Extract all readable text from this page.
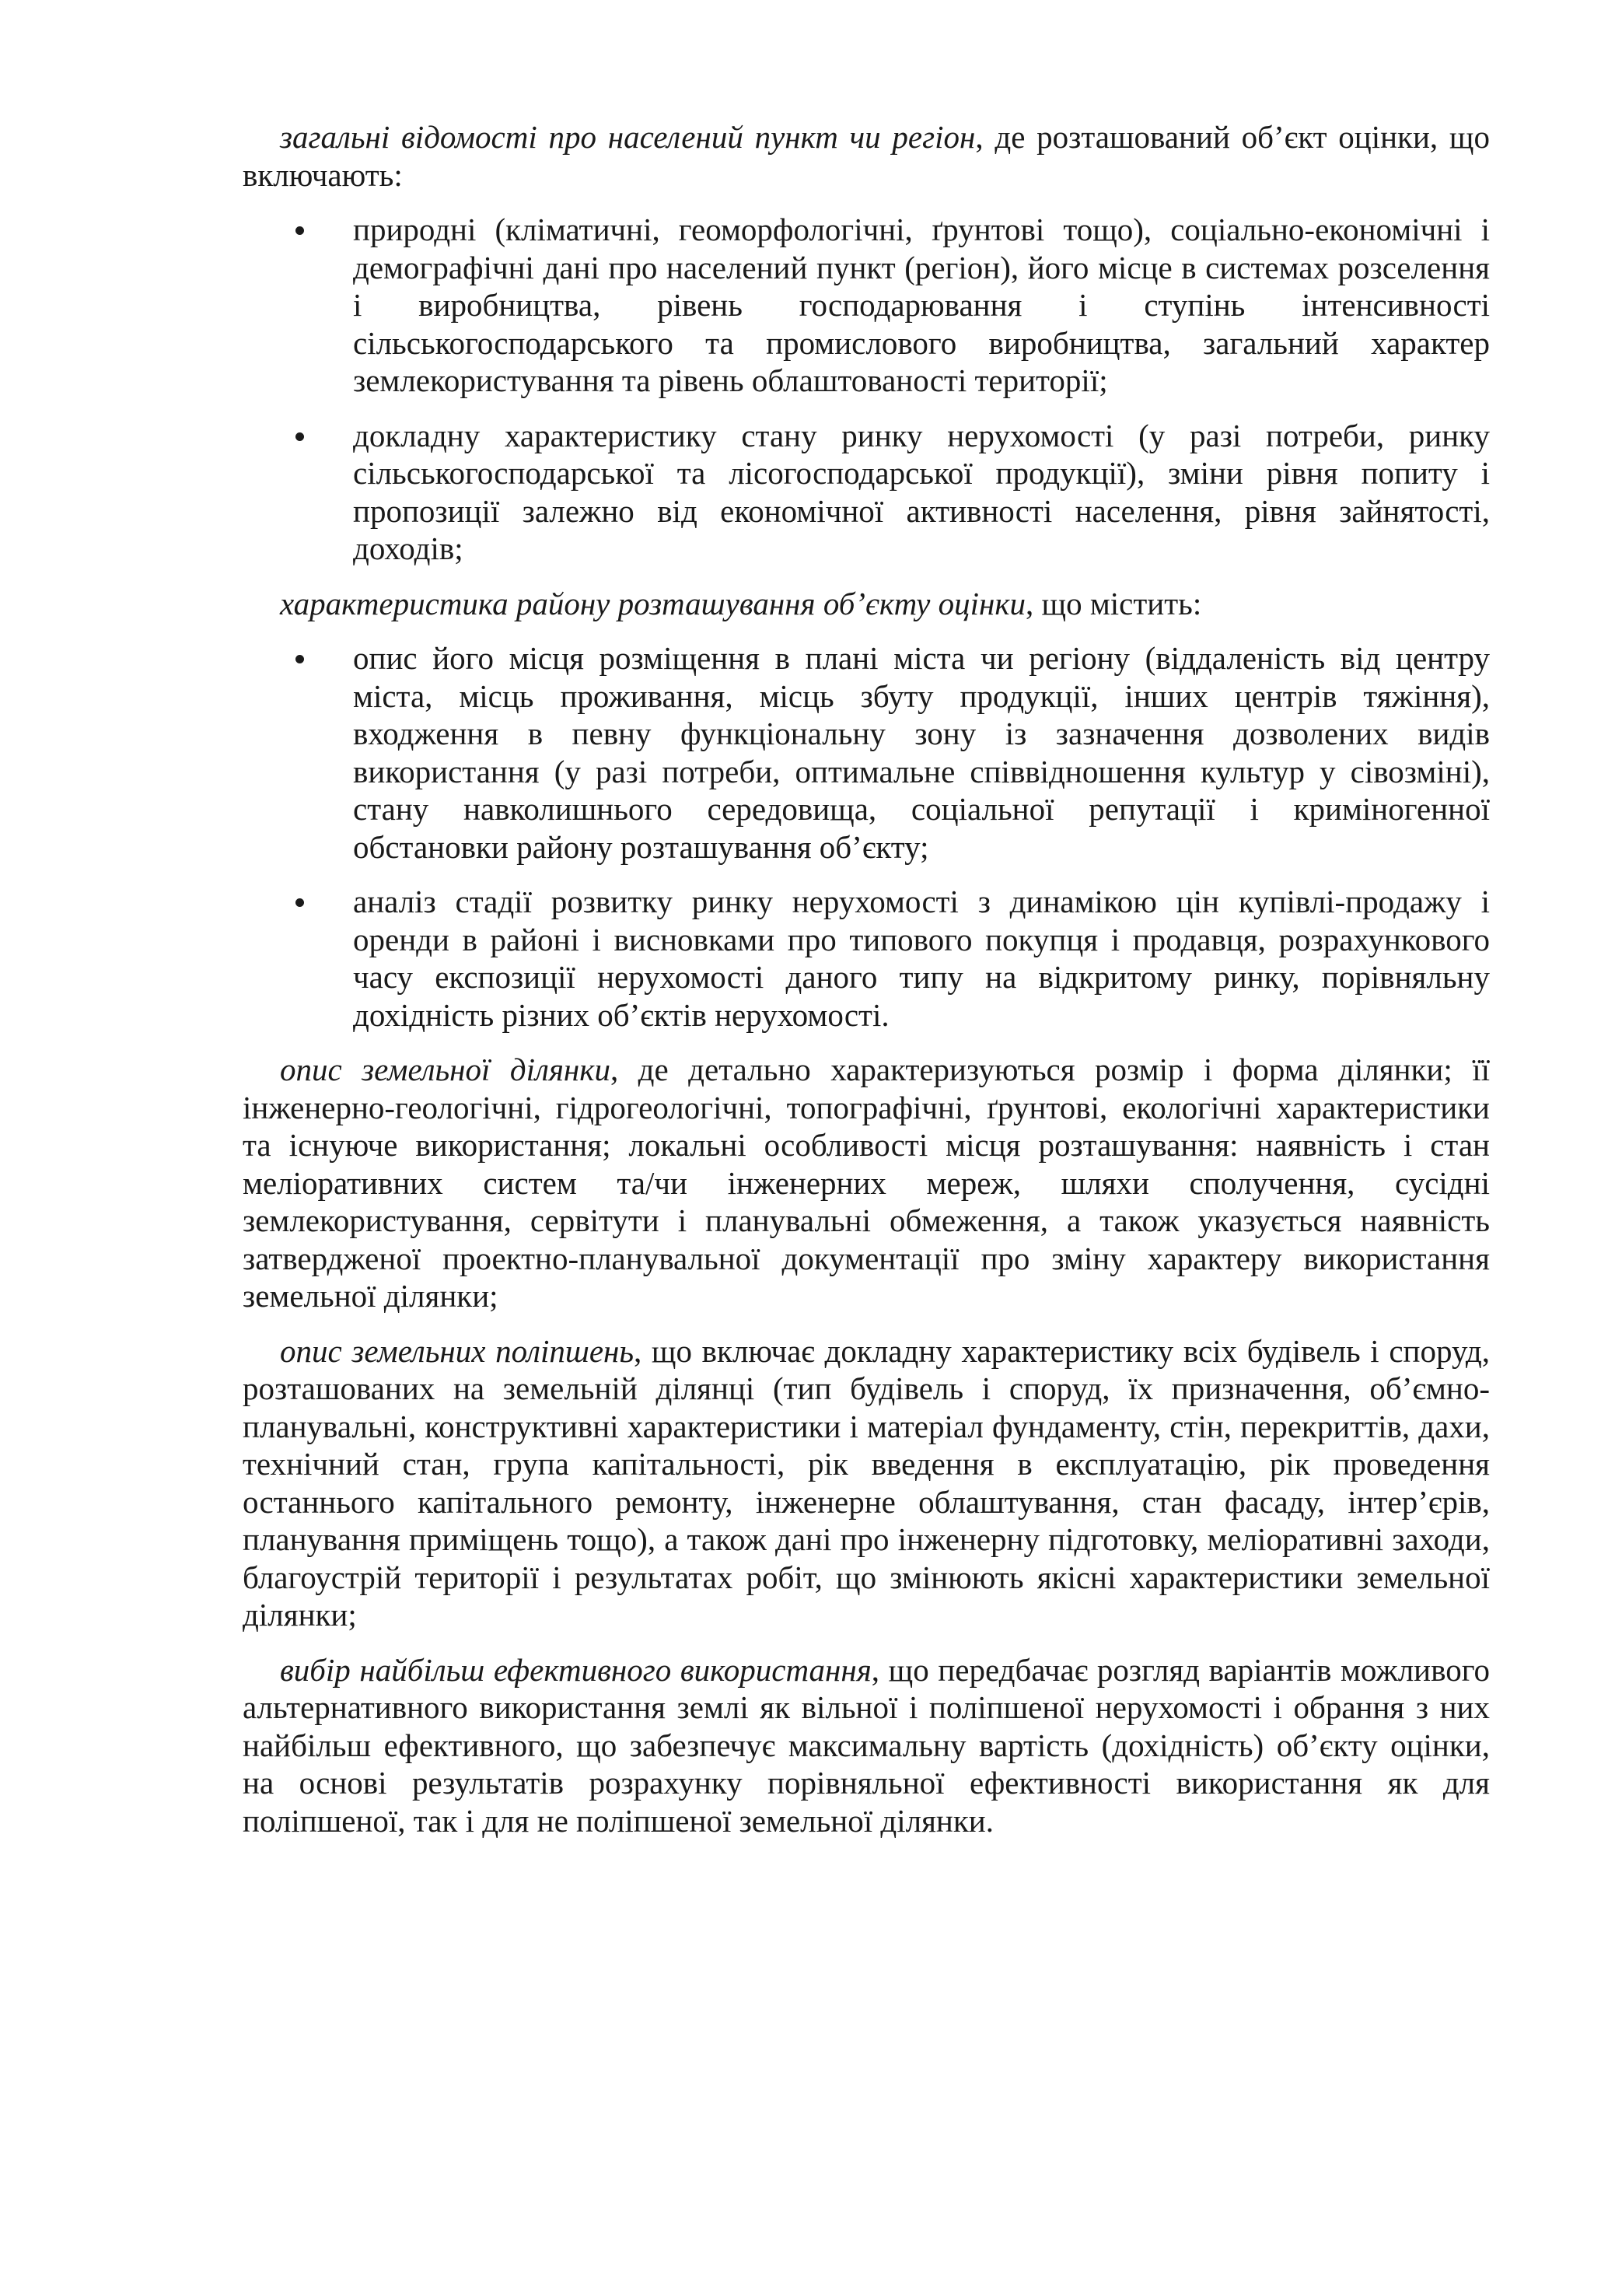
загальні відомості про населений пункт чи регіон, де розташований об’єкт оцінки, що включають:

природні (кліматичні, геоморфологічні, ґрунтові тощо), соціально-економічні і демографічні дані про населений пункт (регіон), його місце в системах розселення і виробництва, рівень господарювання і ступінь інтенсивності сільськогосподарського та промислового виробництва, загальний характер землекористування та рівень облаштованості території;
докладну характеристику стану ринку нерухомості (у разі потреби, ринку сільськогосподарської та лісогосподарської продукції), зміни рівня попиту і пропозиції залежно від економічної активності населення, рівня зайнятості, доходів;

характеристика району розташування об’єкту оцінки, що містить:

опис його місця розміщення в плані міста чи регіону (віддаленість від центру міста, місць проживання, місць збуту продукції, інших центрів тяжіння), входження в певну функціональну зону із зазначення дозволених видів використання (у разі потреби, оптимальне співвідношення культур у сівозміні), стану навколишнього середовища, соціальної репутації і криміногенної обстановки району розташування об’єкту;
аналіз стадії розвитку ринку нерухомості з динамікою цін купівлі-продажу і оренди в районі і висновками про типового покупця і продавця, розрахункового часу експозиції нерухомості даного типу на відкритому ринку, порівняльну дохідність різних об’єктів нерухомості.

опис земельної ділянки, де детально характеризуються розмір і форма ділянки; її інженерно-геологічні, гідрогеологічні, топографічні, ґрунтові, екологічні характеристики та існуюче використання; локальні особливості місця розташування: наявність і стан меліоративних систем та/чи інженерних мереж, шляхи сполучення, сусідні землекористування, сервітути і планувальні обмеження, а також указується наявність затвердженої проектно-планувальної документації про зміну характеру використання земельної ділянки;

опис земельних поліпшень, що включає докладну характеристику всіх будівель і споруд, розташованих на земельній ділянці (тип будівель і споруд, їх призначення, об’ємно-планувальні, конструктивні характеристики і матеріал фундаменту, стін, перекриттів, дахи, технічний стан, група капітальності, рік введення в експлуатацію, рік проведення останнього капітального ремонту, інженерне облаштування, стан фасаду, інтер’єрів, планування приміщень тощо), а також дані про інженерну підготовку, меліоративні заходи, благоустрій території і результатах робіт, що змінюють якісні характеристики земельної ділянки;

вибір найбільш ефективного використання, що передбачає розгляд варіантів можливого альтернативного використання землі як вільної і поліпшеної нерухомості і обрання з них найбільш ефективного, що забезпечує максимальну вартість (дохідність) об’єкту оцінки, на основі результатів розрахунку порівняльної ефективності використання як для поліпшеної, так і для не поліпшеної земельної ділянки.
